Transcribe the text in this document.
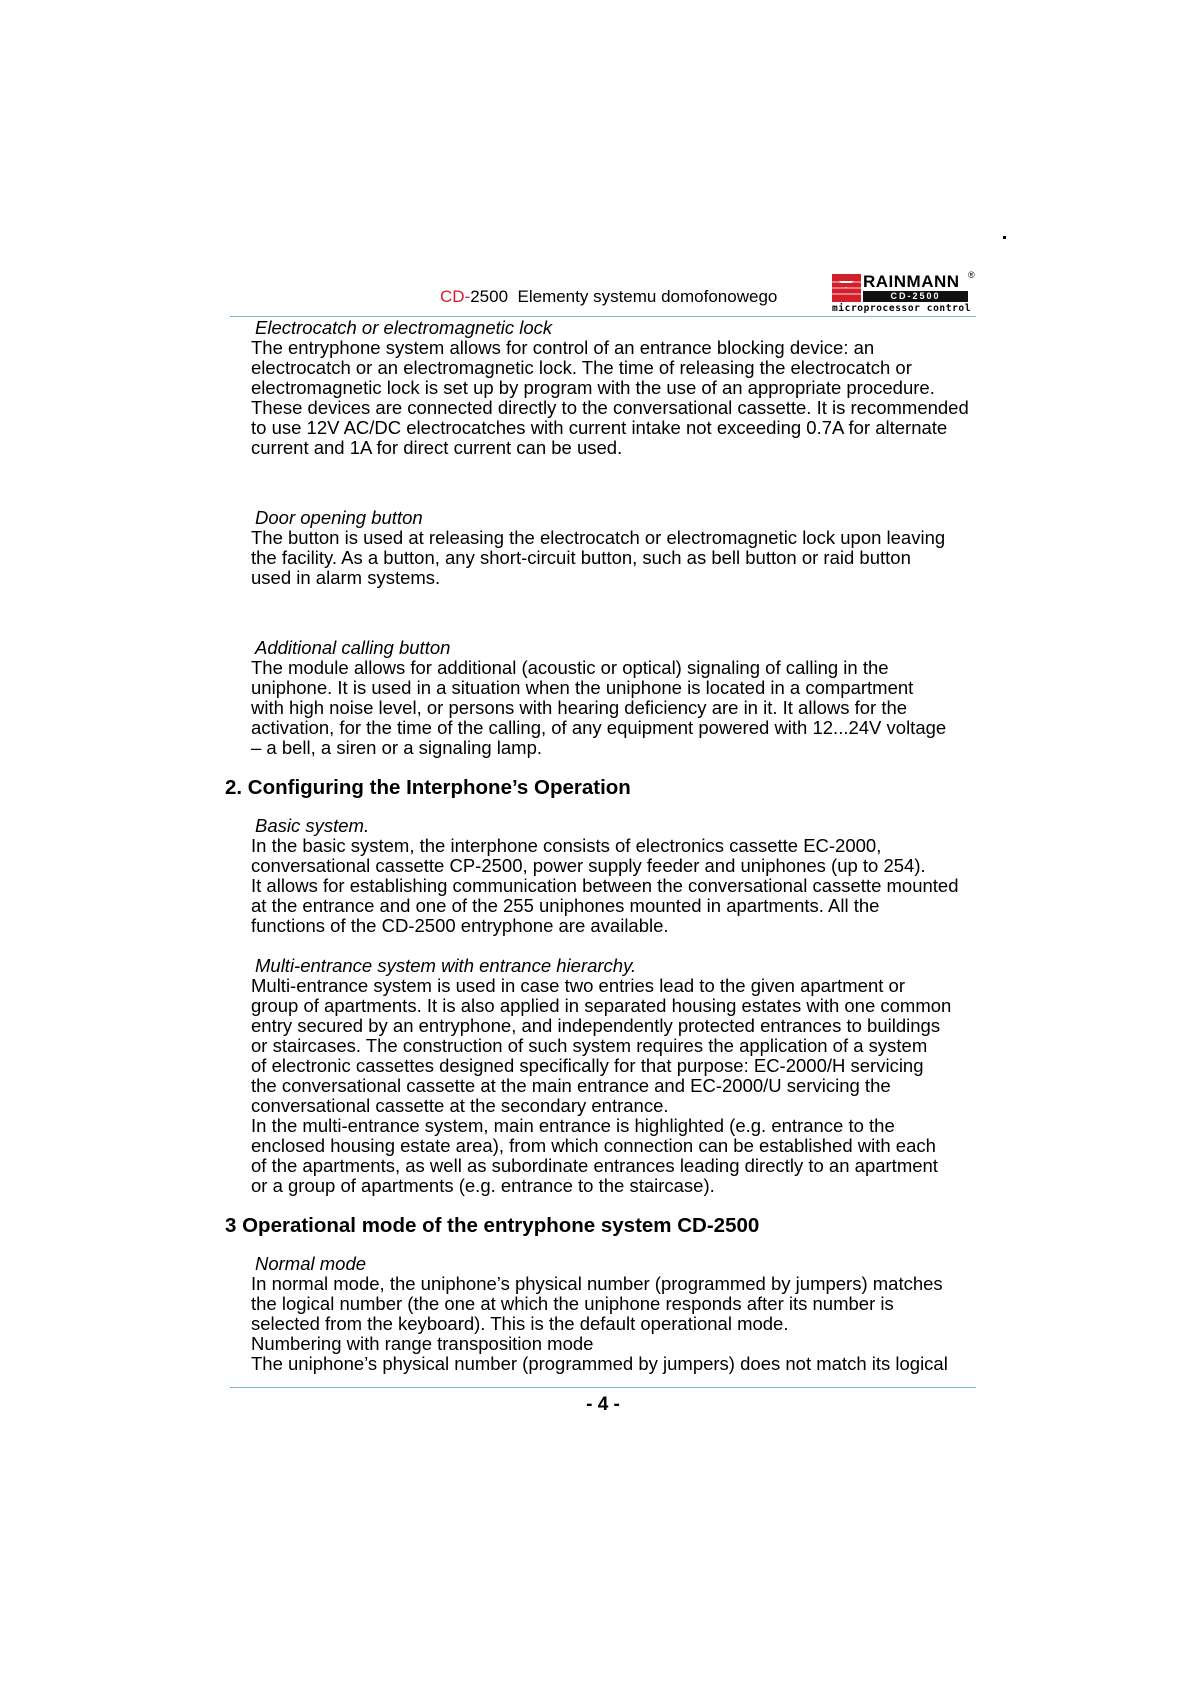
CD-2500 Elementy systemu domofonowego
RAINMANN ®
CD-2500
microprocessor control
Electrocatch or electromagnetic lock
The entryphone system allows for control of an entrance blocking device: an
electrocatch or an electromagnetic lock. The time of releasing the electrocatch or
electromagnetic lock is set up by program with the use of an appropriate procedure.
These devices are connected directly to the conversational cassette. It is recommended
to use 12V AC/DC electrocatches with current intake not exceeding 0.7A for alternate
current and 1A for direct current can be used.
Door opening button
The button is used at releasing the electrocatch or electromagnetic lock upon leaving
the facility. As a button, any short-circuit button, such as bell button or raid button
used in alarm systems.
Additional calling button
The module allows for additional (acoustic or optical) signaling of calling in the
uniphone. It is used in a situation when the uniphone is located in a compartment
with high noise level, or persons with hearing deficiency are in it. It allows for the
activation, for the time of the calling, of any equipment powered with 12...24V voltage
– a bell, a siren or a signaling lamp.
2. Configuring the Interphone’s Operation
Basic system.
In the basic system, the interphone consists of electronics cassette EC-2000,
conversational cassette CP-2500, power supply feeder and uniphones (up to 254).
It allows for establishing communication between the conversational cassette mounted
at the entrance and one of the 255 uniphones mounted in apartments. All the
functions of the CD-2500 entryphone are available.
Multi-entrance system with entrance hierarchy.
Multi-entrance system is used in case two entries lead to the given apartment or
group of apartments. It is also applied in separated housing estates with one common
entry secured by an entryphone, and independently protected entrances to buildings
or staircases. The construction of such system requires the application of a system
of electronic cassettes designed specifically for that purpose: EC-2000/H servicing
the conversational cassette at the main entrance and EC-2000/U servicing the
conversational cassette at the secondary entrance.
In the multi-entrance system, main entrance is highlighted (e.g. entrance to the
enclosed housing estate area), from which connection can be established with each
of the apartments, as well as subordinate entrances leading directly to an apartment
or a group of apartments (e.g. entrance to the staircase).
3 Operational mode of the entryphone system CD-2500
Normal mode
In normal mode, the uniphone’s physical number (programmed by jumpers) matches
the logical number (the one at which the uniphone responds after its number is
selected from the keyboard). This is the default operational mode.
Numbering with range transposition mode
The uniphone’s physical number (programmed by jumpers) does not match its logical
- 4 -
